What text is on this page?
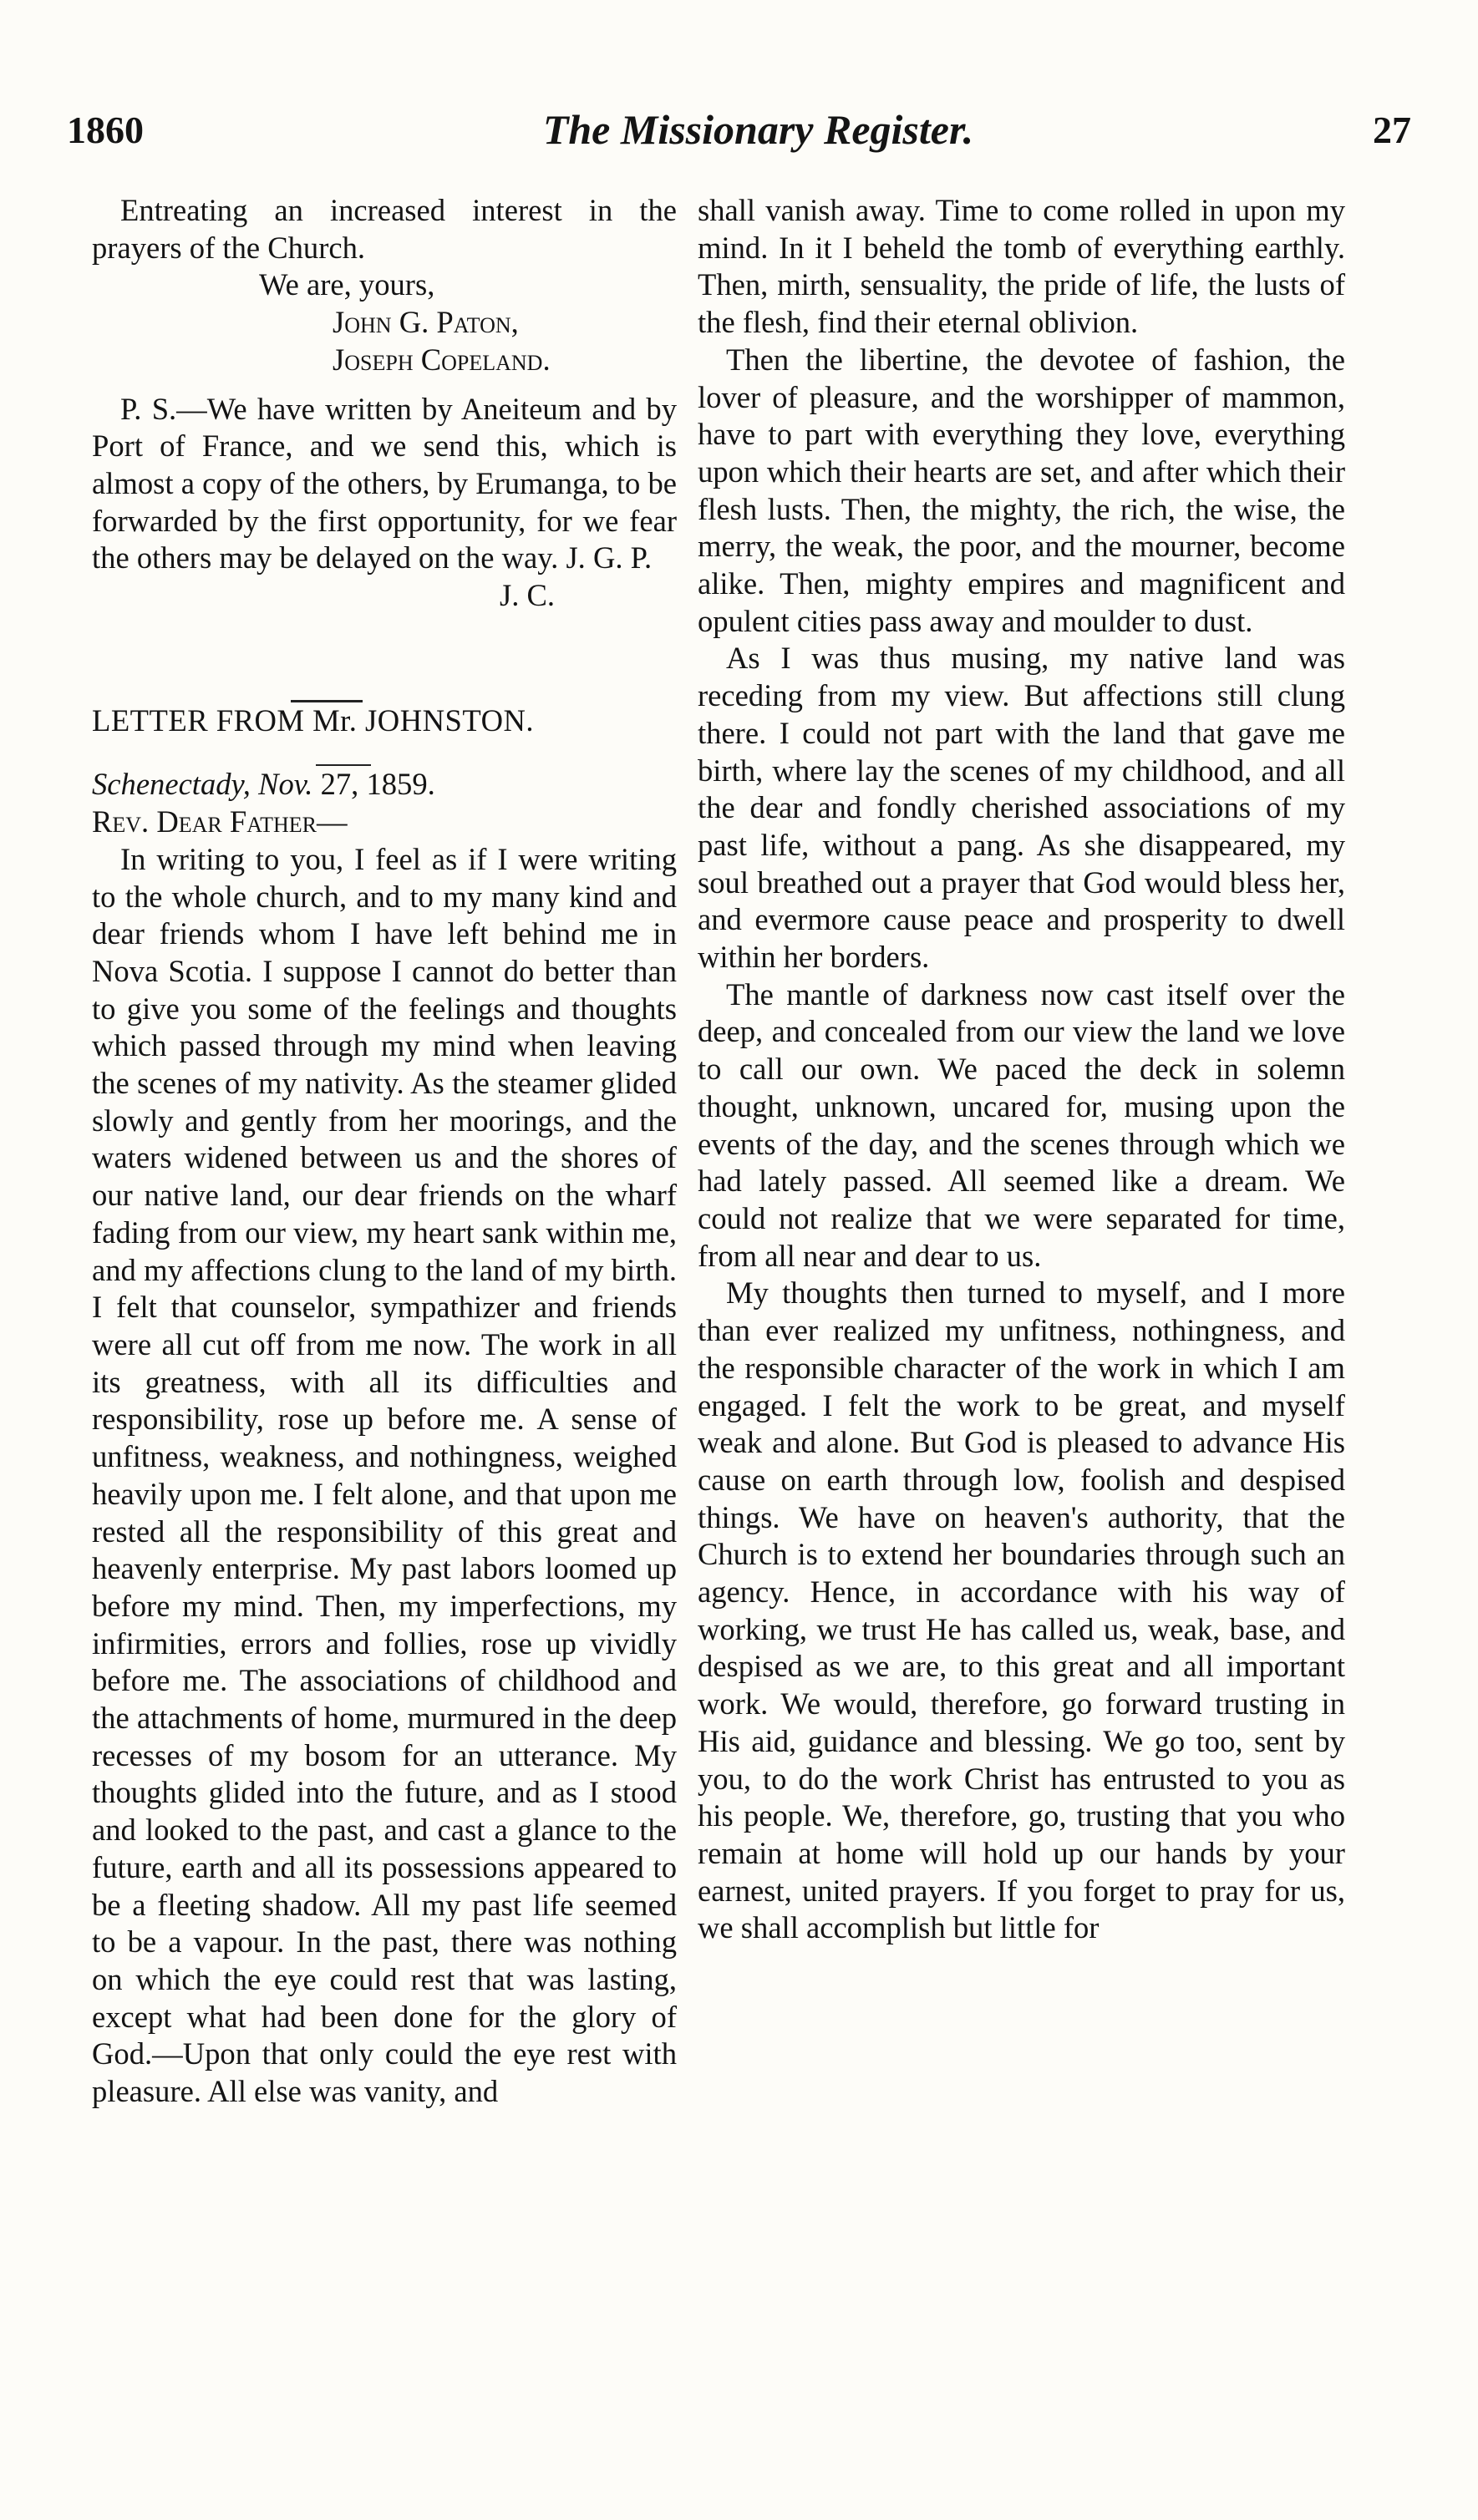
1860	The Missionary Register.	27

Entreating an increased interest in the prayers of the Church.

We are, yours,

John G. Paton,

Joseph Copeland.

P. S.—We have written by Aneiteum and by Port of France, and we send this, which is almost a copy of the others, by Erumanga, to be forwarded by the first opportunity, for we fear the others may be delayed on the way. J. G. P.

J. C.

LETTER FROM Mr. JOHNSTON.

Schenectady, Nov. 27, 1859.

Rev. Dear Father—

In writing to you, I feel as if I were writing to the whole church, and to my many kind and dear friends whom I have left behind me in Nova Scotia. I suppose I cannot do better than to give you some of the feelings and thoughts which passed through my mind when leaving the scenes of my nativity. As the steamer glided slowly and gently from her moorings, and the waters widened between us and the shores of our native land, our dear friends on the wharf fading from our view, my heart sank within me, and my affections clung to the land of my birth. I felt that counselor, sympathizer and friends were all cut off from me now. The work in all its greatness, with all its difficulties and responsibility, rose up before me. A sense of unfitness, weakness, and nothingness, weighed heavily upon me. I felt alone, and that upon me rested all the responsibility of this great and heavenly enterprise. My past labors loomed up before my mind. Then, my imperfections, my infirmities, errors and follies, rose up vividly before me. The associations of childhood and the attachments of home, murmured in the deep recesses of my bosom for an utterance. My thoughts glided into the future, and as I stood and looked to the past, and cast a glance to the future, earth and all its possessions appeared to be a fleeting shadow. All my past life seemed to be a vapour. In the past, there was nothing on which the eye could rest that was lasting, except what had been done for the glory of God.—Upon that only could the eye rest with pleasure. All else was vanity, and

shall vanish away. Time to come rolled in upon my mind. In it I beheld the tomb of everything earthly. Then, mirth, sensuality, the pride of life, the lusts of the flesh, find their eternal oblivion.

Then the libertine, the devotee of fashion, the lover of pleasure, and the worshipper of mammon, have to part with everything they love, everything upon which their hearts are set, and after which their flesh lusts. Then, the mighty, the rich, the wise, the merry, the weak, the poor, and the mourner, become alike. Then, mighty empires and magnificent and opulent cities pass away and moulder to dust.

As I was thus musing, my native land was receding from my view. But affections still clung there. I could not part with the land that gave me birth, where lay the scenes of my childhood, and all the dear and fondly cherished associations of my past life, without a pang. As she disappeared, my soul breathed out a prayer that God would bless her, and evermore cause peace and prosperity to dwell within her borders.

The mantle of darkness now cast itself over the deep, and concealed from our view the land we love to call our own. We paced the deck in solemn thought, unknown, uncared for, musing upon the events of the day, and the scenes through which we had lately passed. All seemed like a dream. We could not realize that we were separated for time, from all near and dear to us.

My thoughts then turned to myself, and I more than ever realized my unfitness, nothingness, and the responsible character of the work in which I am engaged. I felt the work to be great, and myself weak and alone. But God is pleased to advance His cause on earth through low, foolish and despised things. We have on heaven's authority, that the Church is to extend her boundaries through such an agency. Hence, in accordance with his way of working, we trust He has called us, weak, base, and despised as we are, to this great and all important work. We would, therefore, go forward trusting in His aid, guidance and blessing. We go too, sent by you, to do the work Christ has entrusted to you as his people. We, therefore, go, trusting that you who remain at home will hold up our hands by your earnest, united prayers. If you forget to pray for us, we shall accomplish but little for
